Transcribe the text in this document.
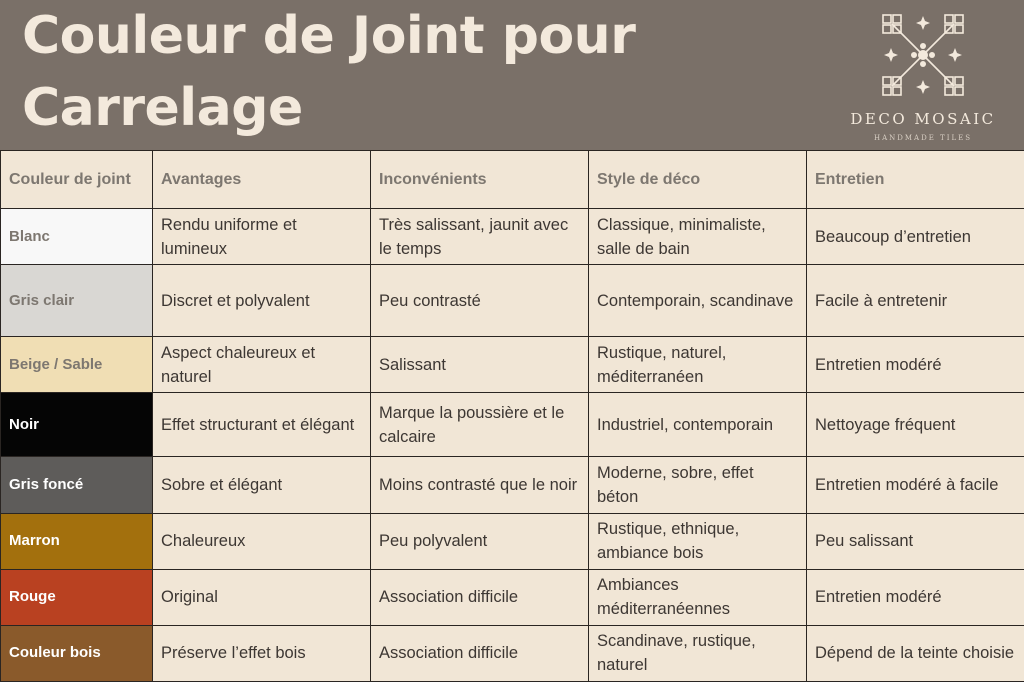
Couleur de Joint pour Carrelage	DECO MOSAIC
HANDMADE TILES
Couleur de joint	Avantages	Inconvénients	Style de déco	Entretien
Blanc	Rendu uniforme et lumineux	Très salissant, jaunit avec le temps	Classique, minimaliste, salle de bain	Beaucoup d’entretien
Gris clair	Discret et polyvalent	Peu contrasté	Contemporain, scandinave	Facile à entretenir
Beige / Sable	Aspect chaleureux et naturel	Salissant	Rustique, naturel, méditerranéen	Entretien modéré
Noir	Effet structurant et élégant	Marque la poussière et le calcaire	Industriel, contemporain	Nettoyage fréquent
Gris foncé	Sobre et élégant	Moins contrasté que le noir	Moderne, sobre, effet béton	Entretien modéré à facile
Marron	Chaleureux	Peu polyvalent	Rustique, ethnique, ambiance bois	Peu salissant
Rouge	Original	Association difficile	Ambiances méditerranéennes	Entretien modéré
Couleur bois	Préserve l’effet bois	Association difficile	Scandinave, rustique, naturel	Dépend de la teinte choisie
